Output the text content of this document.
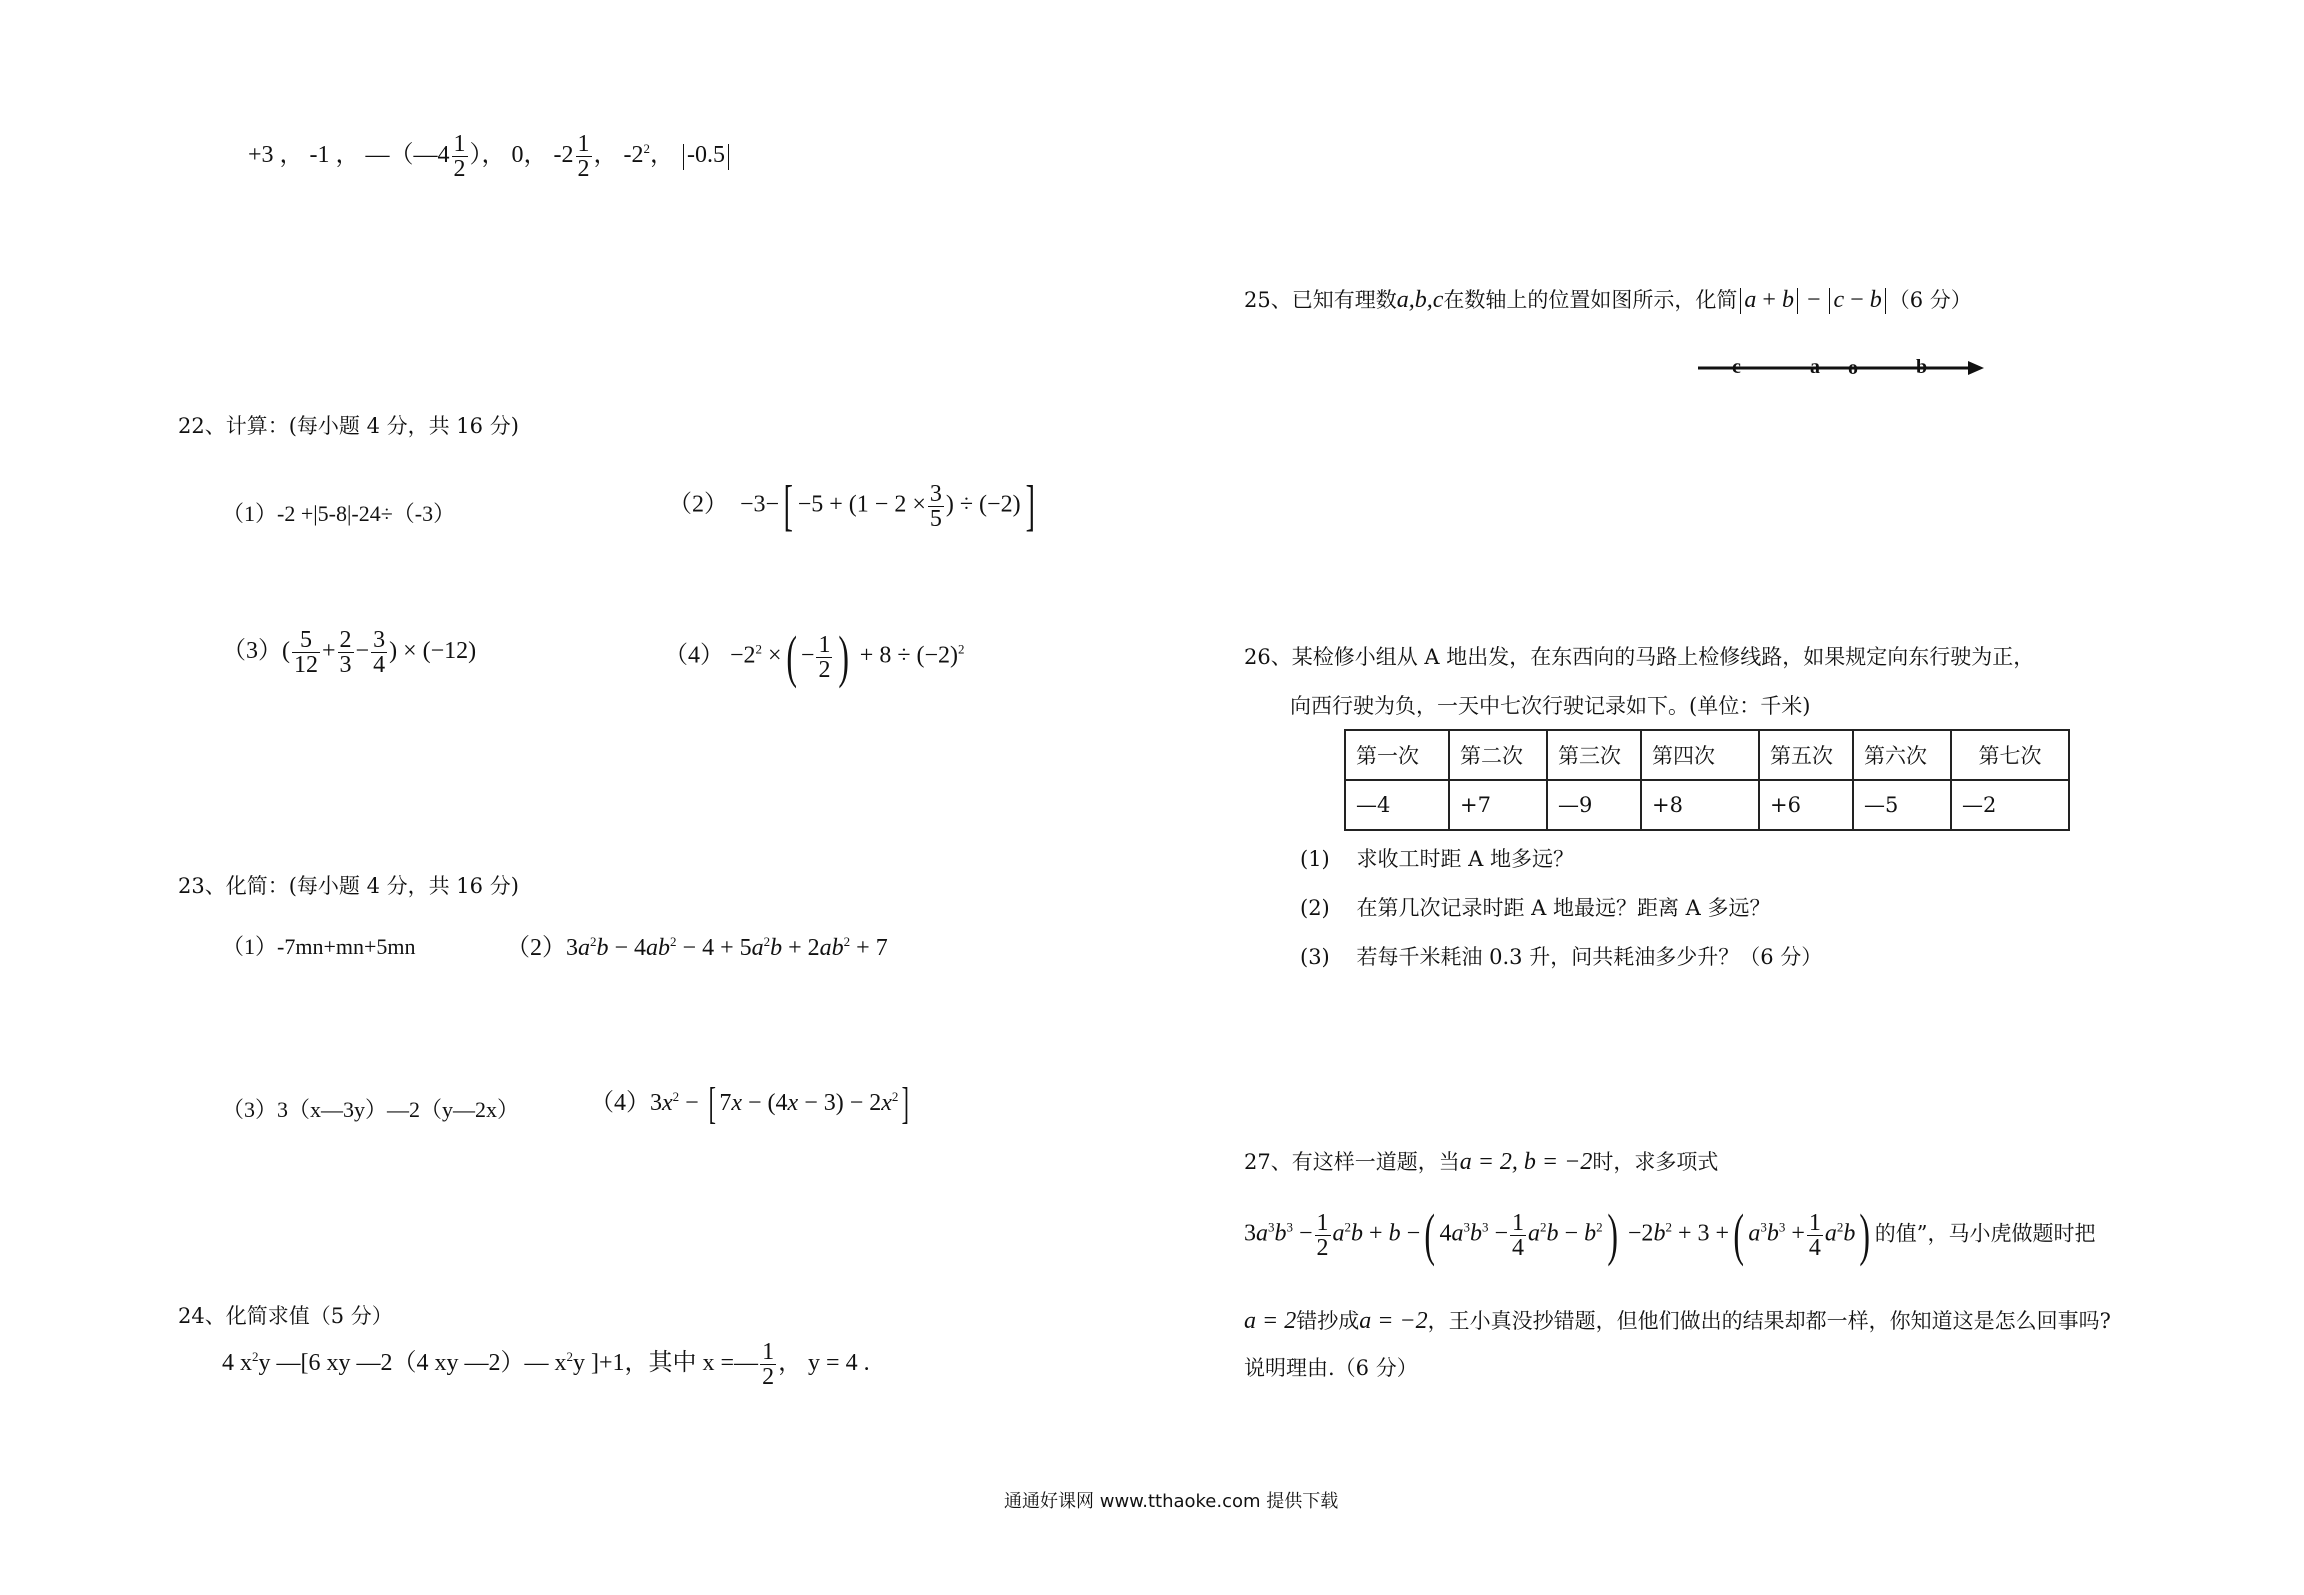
+3 ， -1 ， —（—4 $\frac{1}{2}$ ）， 0， $-2 \frac{1}{2}$ ， $-2^2$， -0.5
22、计算：(每小题 4 分，共 16 分)
（1）-2 +|5-8|-24÷（-3）	$(2) -3-[ -5 + (1 - 2 \times \frac{3}{5}$ ) ÷ (−2)]
$(3)( \frac{5}{12} + \frac{2}{3} - \frac{3}{4}$ ) × (−12)	$(4) -2^2$ ×( − $\frac{1}{2}$ ) + $8 \div (-2)^2$
23、化简：(每小题 4 分，共 16 分)
（1）-7mn+mn+5mn	$(2)3a^2b - 4ab^2 - 4 + 5a^2b + 2ab^2 + 7$
（3）3（x—3y）—2（y—2x）	$(4)3x^2$ − [ $7x - (4x - 3) - 2x^2$]
24、化简求值（5 分）
4 $x^2y$ —[6 xy —2（4 xy —2）— $x^2y$ ]+1，其中 x =— $\frac{1}{2}$ ， y = 4 .
25、已知有理数a,b,c在数轴上的位置如图所示，化简 a + b − c − b （6 分）
c	a o	b
26、某检修小组从 A 地出发，在东西向的马路上检修线路，如果规定向东行驶为正，
向西行驶为负，一天中七次行驶记录如下。(单位：千米)
第一次	第二次	第三次	第四次	第五次	第六次	第七次
—4	+7	—9	+8	+6	—5	—2
(1) 求收工时距 A 地多远？
(2) 在第几次记录时距 A 地最远？距离 A 多远？
(3) 若每千米耗油 0.3 升，问共耗油多少升？（6 分）
27、有这样一道题，当a = 2, b = −2时，求多项式
$3a^3b^3 - \frac{1}{2} a^2b + b$ −( $4a^3b^3 - \frac{1}{4} a^2b - b^2) -2b^2 + 3$ +( $a^3b^3 + \frac{1}{4} a^2b$) 的值”，马小虎做题时把
a = 2错抄成a = −2，王小真没抄错题，但他们做出的结果却都一样，你知道这是怎么回事吗?
说明理由.（6 分）
通通好课网 www.tthaoke.com 提供下载
